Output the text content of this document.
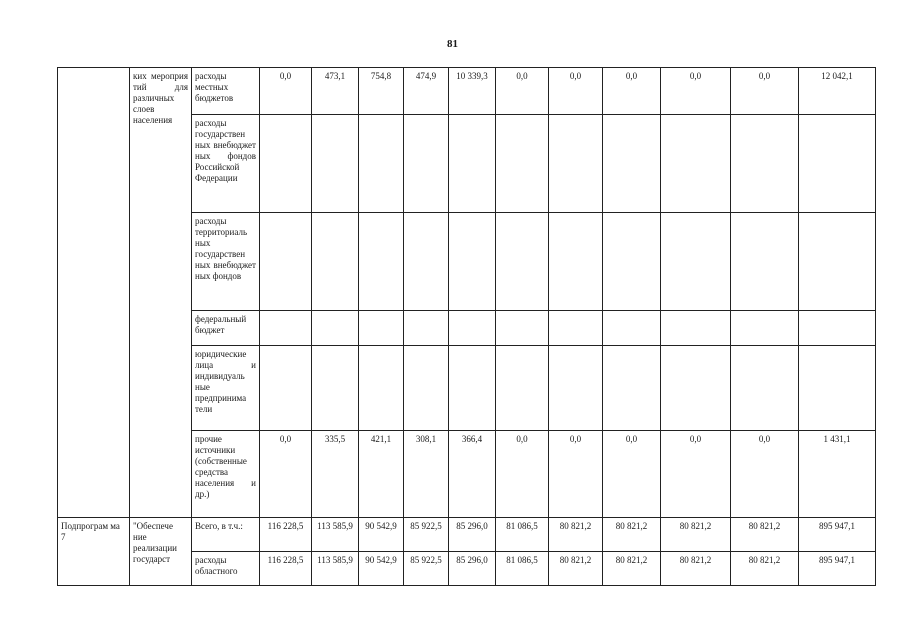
81
	ких мероприя тий для различных слоев населения	расходы местных бюджетов	0,0	473,1	754,8	474,9	10 339,3	0,0	0,0	0,0	0,0	0,0	12 042,1
		расходы государствен ных внебюджет ных фондов Российской Федерации											
		расходы территориаль ных государствен ных внебюджет ных фондов											
		федеральный бюджет											
		юридические лица и индивидуаль ные предпринима тели											
		прочие источники (собственные средства населения и др.)	0,0	335,5	421,1	308,1	366,4	0,0	0,0	0,0	0,0	0,0	1 431,1
Подпрограм ма 7	"Обеспече ние реализации государст	Всего, в т.ч.:	116 228,5	113 585,9	90 542,9	85 922,5	85 296,0	81 086,5	80 821,2	80 821,2	80 821,2	80 821,2	895 947,1
		расходы областного	116 228,5	113 585,9	90 542,9	85 922,5	85 296,0	81 086,5	80 821,2	80 821,2	80 821,2	80 821,2	895 947,1
